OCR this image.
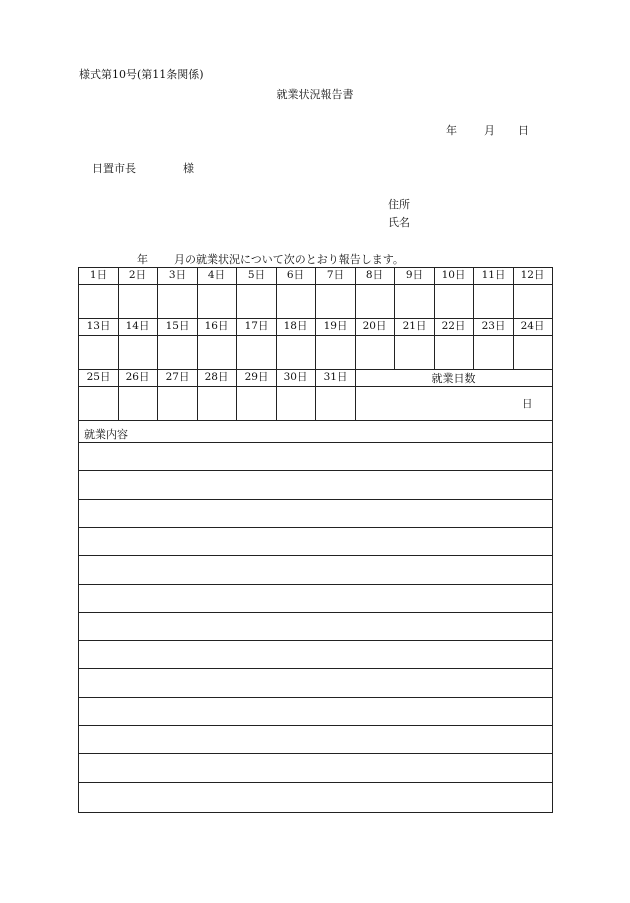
様式第10号(第11条関係)
就業状況報告書
年 月 日
日置市長	様
住所
氏名
年 月の就業状況について次のとおり報告します。
1日	2日	3日	4日	5日	6日	7日	8日	9日	10日	11日	12日
13日	14日	15日	16日	17日	18日	19日	20日	21日	22日	23日	24日
25日	26日	27日	28日	29日	30日	31日	就業日数
日
就業内容
